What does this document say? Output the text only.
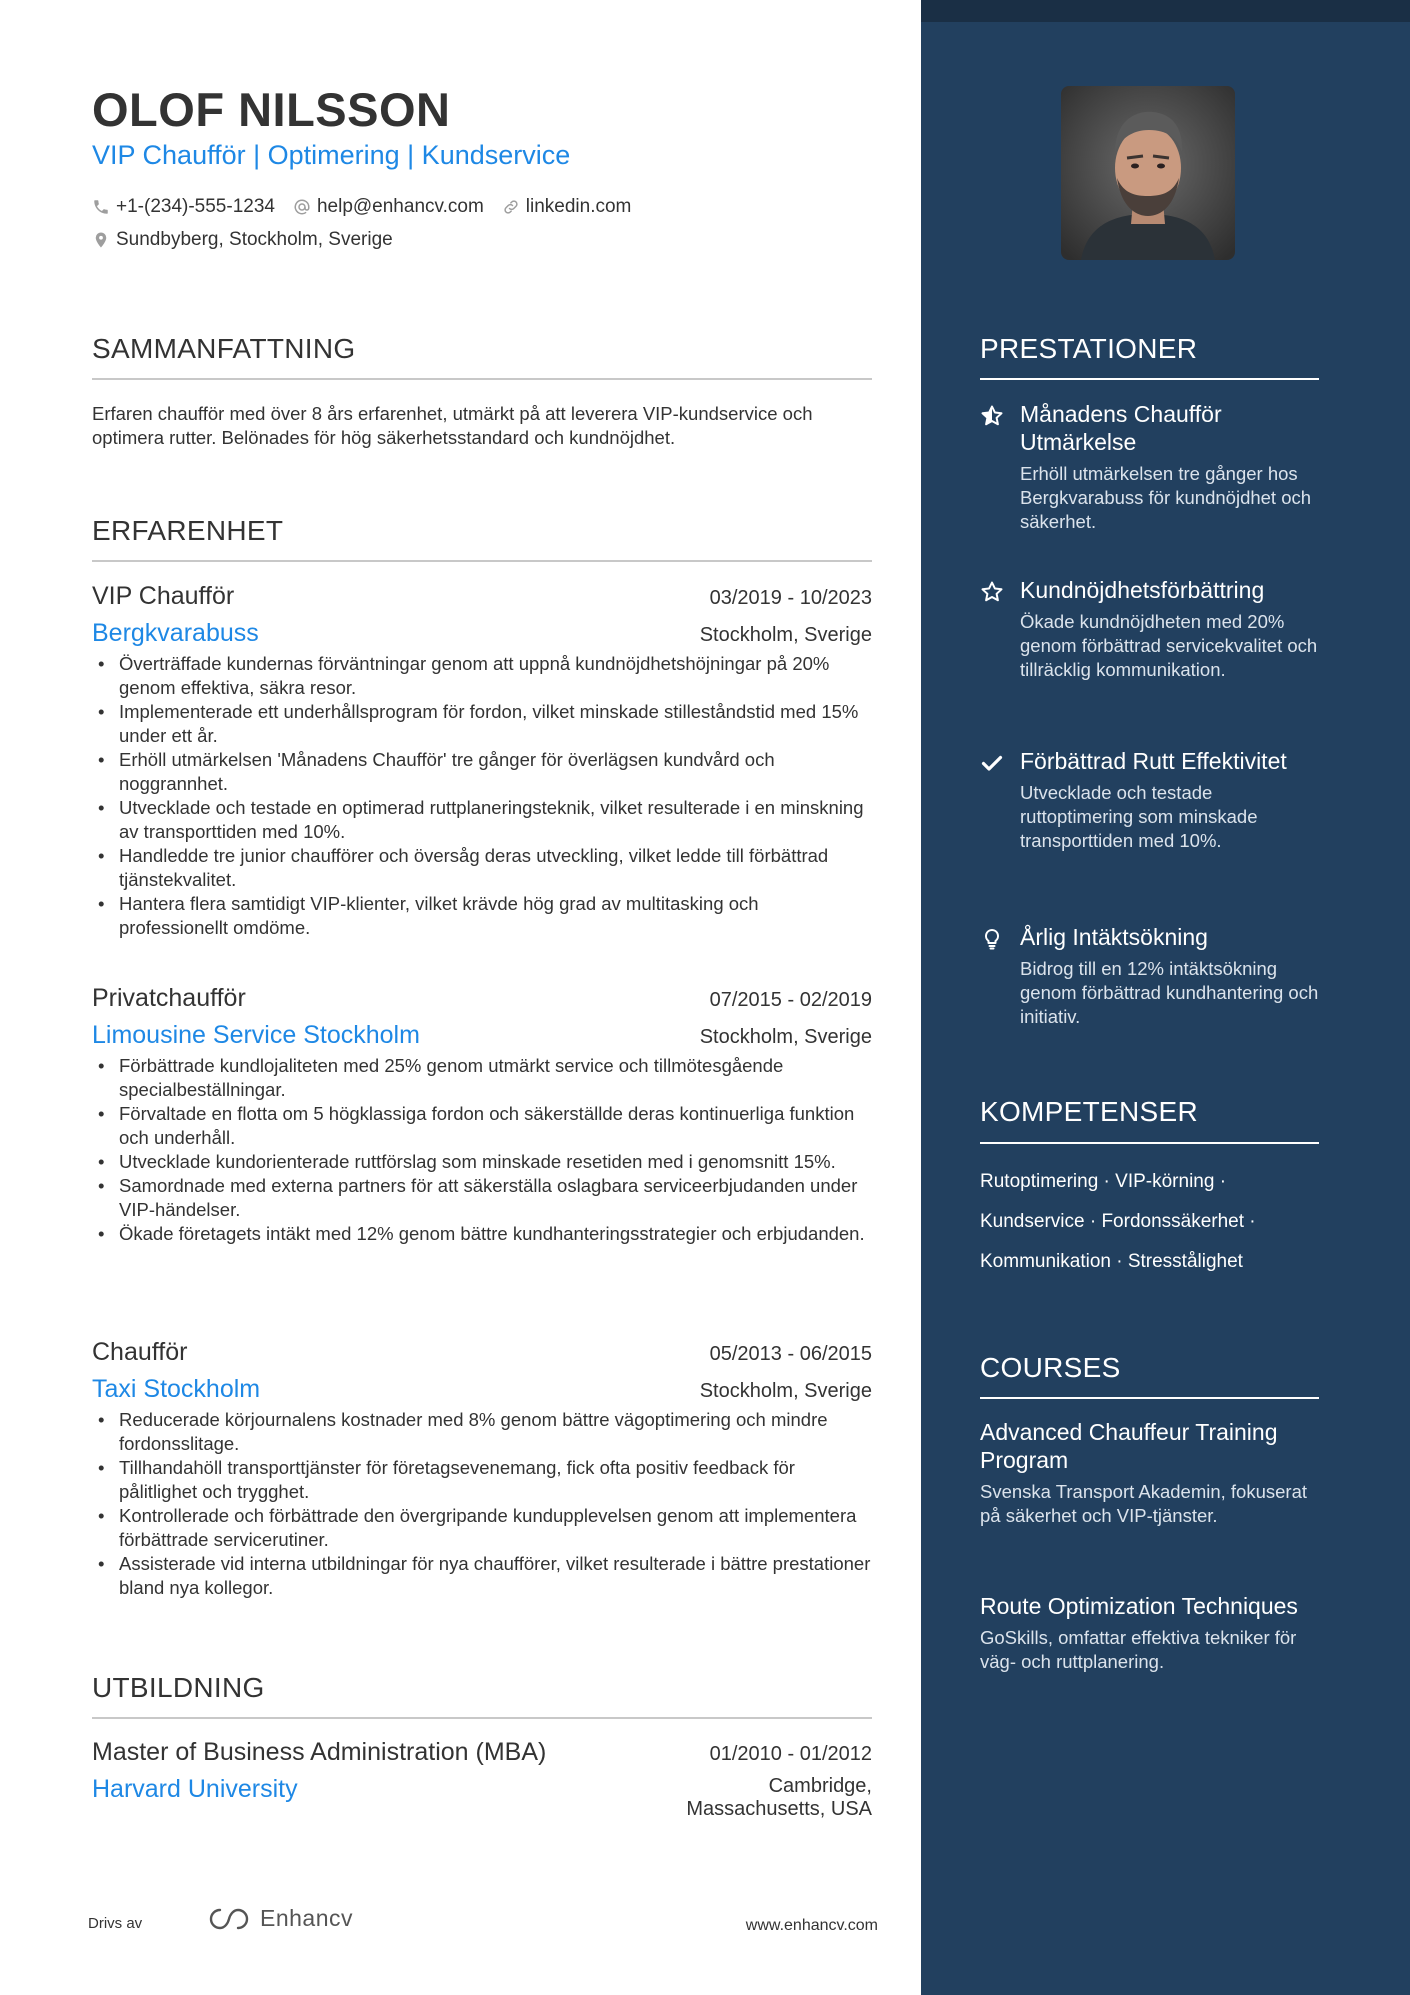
OLOF NILSSON
VIP Chaufför | Optimering | Kundservice
+1-(234)-555-1234 help@enhancv.com linkedin.com
Sundbyberg, Stockholm, Sverige
SAMMANFATTNING
Erfaren chaufför med över 8 års erfarenhet, utmärkt på att leverera VIP-kundservice och optimera rutter. Belönades för hög säkerhetsstandard och kundnöjdhet.
ERFARENHET
VIP Chaufför	03/2019 - 10/2023
Bergkvarabuss	Stockholm, Sverige
• Överträffade kundernas förväntningar genom att uppnå kundnöjdhetshöjningar på 20% genom effektiva, säkra resor.
• Implementerade ett underhållsprogram för fordon, vilket minskade stilleståndstid med 15% under ett år.
• Erhöll utmärkelsen 'Månadens Chaufför' tre gånger för överlägsen kundvård och noggrannhet.
• Utvecklade och testade en optimerad ruttplaneringsteknik, vilket resulterade i en minskning av transporttiden med 10%.
• Handledde tre junior chaufförer och översåg deras utveckling, vilket ledde till förbättrad tjänstekvalitet.
• Hantera flera samtidigt VIP-klienter, vilket krävde hög grad av multitasking och professionellt omdöme.
Privatchaufför	07/2015 - 02/2019
Limousine Service Stockholm	Stockholm, Sverige
• Förbättrade kundlojaliteten med 25% genom utmärkt service och tillmötesgående specialbeställningar.
• Förvaltade en flotta om 5 högklassiga fordon och säkerställde deras kontinuerliga funktion och underhåll.
• Utvecklade kundorienterade ruttförslag som minskade resetiden med i genomsnitt 15%.
• Samordnade med externa partners för att säkerställa oslagbara serviceerbjudanden under VIP-händelser.
• Ökade företagets intäkt med 12% genom bättre kundhanteringsstrategier och erbjudanden.
Chaufför	05/2013 - 06/2015
Taxi Stockholm	Stockholm, Sverige
• Reducerade körjournalens kostnader med 8% genom bättre vägoptimering och mindre fordonsslitage.
• Tillhandahöll transporttjänster för företagsevenemang, fick ofta positiv feedback för pålitlighet och trygghet.
• Kontrollerade och förbättrade den övergripande kundupplevelsen genom att implementera förbättrade servicerutiner.
• Assisterade vid interna utbildningar för nya chaufförer, vilket resulterade i bättre prestationer bland nya kollegor.
UTBILDNING
Master of Business Administration (MBA)	01/2010 - 01/2012
Harvard University	Cambridge,
Massachusetts, USA
Drivs av	Enhancv	www.enhancv.com
PRESTATIONER
Månadens Chaufför Utmärkelse
Erhöll utmärkelsen tre gånger hos Bergkvarabuss för kundnöjdhet och säkerhet.
Kundnöjdhetsförbättring
Ökade kundnöjdheten med 20% genom förbättrad servicekvalitet och tillräcklig kommunikation.
Förbättrad Rutt Effektivitet
Utvecklade och testade ruttoptimering som minskade transporttiden med 10%.
Årlig Intäktsökning
Bidrog till en 12% intäktsökning genom förbättrad kundhantering och initiativ.
KOMPETENSER
Rutoptimering · VIP-körning ·
Kundservice · Fordonssäkerhet ·
Kommunikation · Stresstålighet
COURSES
Advanced Chauffeur Training Program
Svenska Transport Akademin, fokuserat på säkerhet och VIP-tjänster.
Route Optimization Techniques
GoSkills, omfattar effektiva tekniker för väg- och ruttplanering.
